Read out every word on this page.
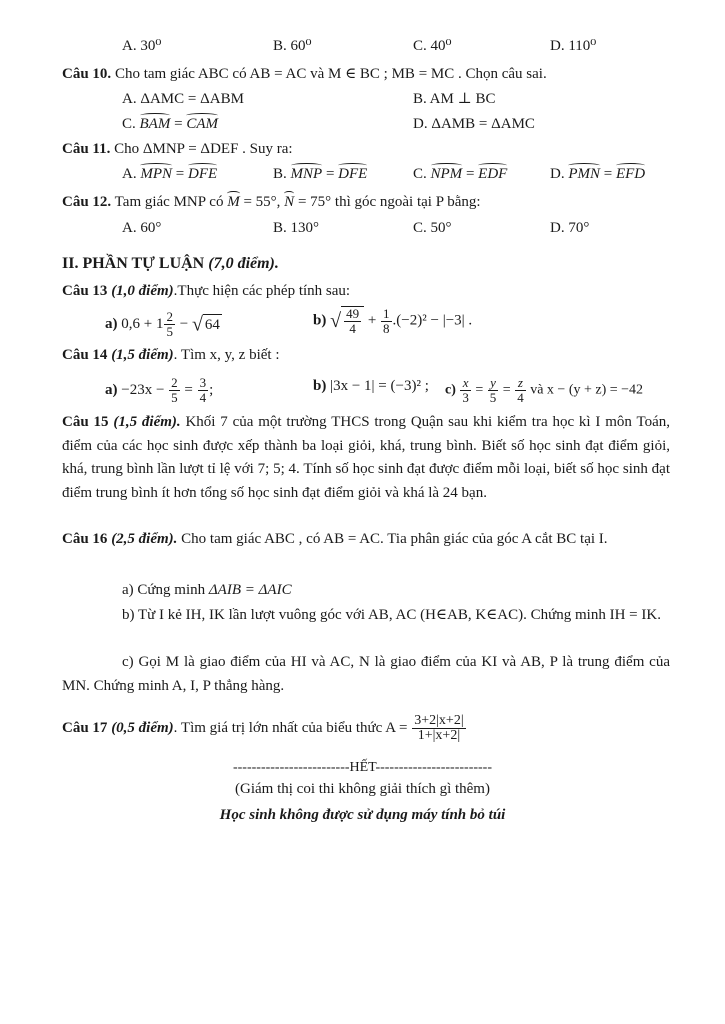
A. 30⁰	B. 60⁰	C. 40⁰	D. 110⁰
Câu 10. Cho tam giác ABC có AB = AC và M ∈ BC ; MB = MC . Chọn câu sai.
A. ΔAMC = ΔABM	B. AM ⊥ BC
C. BAM = CAM	D. ΔAMB = ΔAMC
Câu 11. Cho ΔMNP = ΔDEF . Suy ra:
A. MPN = DFE	B. MNP = DFE	C. NPM = EDF	D. PMN = EFD
Câu 12. Tam giác MNP có M = 55°, N = 75° thì góc ngoài tại P bằng:
A. 60°	B. 130°	C. 50°	D. 70°
II. PHẦN TỰ LUẬN (7,0 điểm).
Câu 13 (1,0 điểm).Thực hiện các phép tính sau:
a) $0,6 + 1 \frac{2}{5}$ − √ 64	b) √ $\frac{49}{4} + \frac{1}{8} .(-2)^2 - |-3|$ .
Câu 14 (1,5 điểm). Tìm x, y, z biết :
$a) -23x - \frac{2}{5} = \frac{3}{4}$ ;	b) |3x − 1| = (−3)² ; $c) \frac{x}{3} = \frac{y}{5} = \frac{z}{4}$ và x − (y + z) = −42
Câu 15 (1,5 điểm). Khối 7 của một trường THCS trong Quận sau khi kiểm tra học kì I môn Toán, điểm của các học sinh được xếp thành ba loại giỏi, khá, trung bình. Biết số học sinh đạt điểm giỏi, khá, trung bình lần lượt tỉ lệ với 7; 5; 4. Tính số học sinh đạt được điểm mỗi loại, biết số học sinh đạt điểm trung bình ít hơn tổng số học sinh đạt điểm giỏi và khá là 24 bạn.
Câu 16 (2,5 điểm). Cho tam giác ABC , có AB = AC. Tia phân giác của góc A cắt BC tại I.
a) Cứng minh ΔAIB = ΔAIC
b) Từ I kẻ IH, IK lần lượt vuông góc với AB, AC (H∈AB, K∈AC). Chứng minh IH = IK.
c) Gọi M là giao điểm của HI và AC, N là giao điểm của KI và AB, P là trung điểm của MN. Chứng minh A, I, P thẳng hàng.
Câu 17 (0,5 điểm). Tìm giá trị lớn nhất của biểu thức $A = \frac{3+2|x+2|}{1+|x+2|}$
-------------------------HẾT-------------------------
(Giám thị coi thi không giải thích gì thêm)
Học sinh không được sử dụng máy tính bỏ túi
